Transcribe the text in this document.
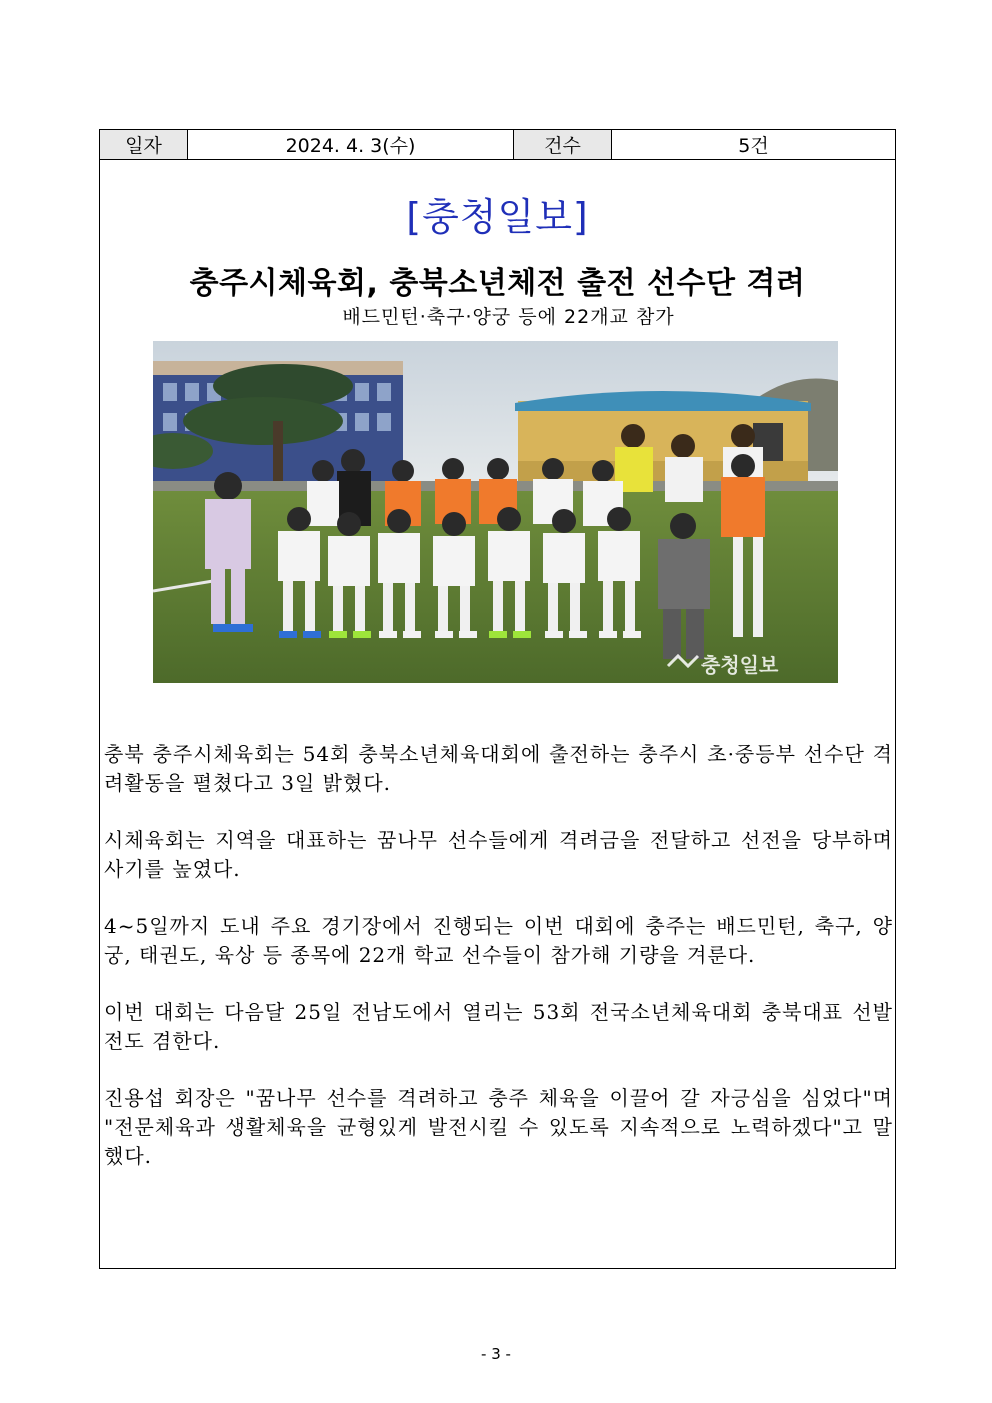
일자	2024. 4. 3(수)	건수	5건
[충청일보]
충주시체육회, 충북소년체전 출전 선수단 격려
배드민턴·축구·양궁 등에 22개교 참가
충청일보

충북 충주시체육회는 54회 충북소년체육대회에 출전하는 충주시 초·중등부 선수단 격려활동을 펼쳤다고 3일 밝혔다.

시체육회는 지역을 대표하는 꿈나무 선수들에게 격려금을 전달하고 선전을 당부하며 사기를 높였다.

4~5일까지 도내 주요 경기장에서 진행되는 이번 대회에 충주는 배드민턴, 축구, 양궁, 태권도, 육상 등 종목에 22개 학교 선수들이 참가해 기량을 겨룬다.

이번 대회는 다음달 25일 전남도에서 열리는 53회 전국소년체육대회 충북대표 선발전도 겸한다.

진용섭 회장은 "꿈나무 선수를 격려하고 충주 체육을 이끌어 갈 자긍심을 심었다"며 "전문체육과 생활체육을 균형있게 발전시킬 수 있도록 지속적으로 노력하겠다"고 말했다.

- 3 -
